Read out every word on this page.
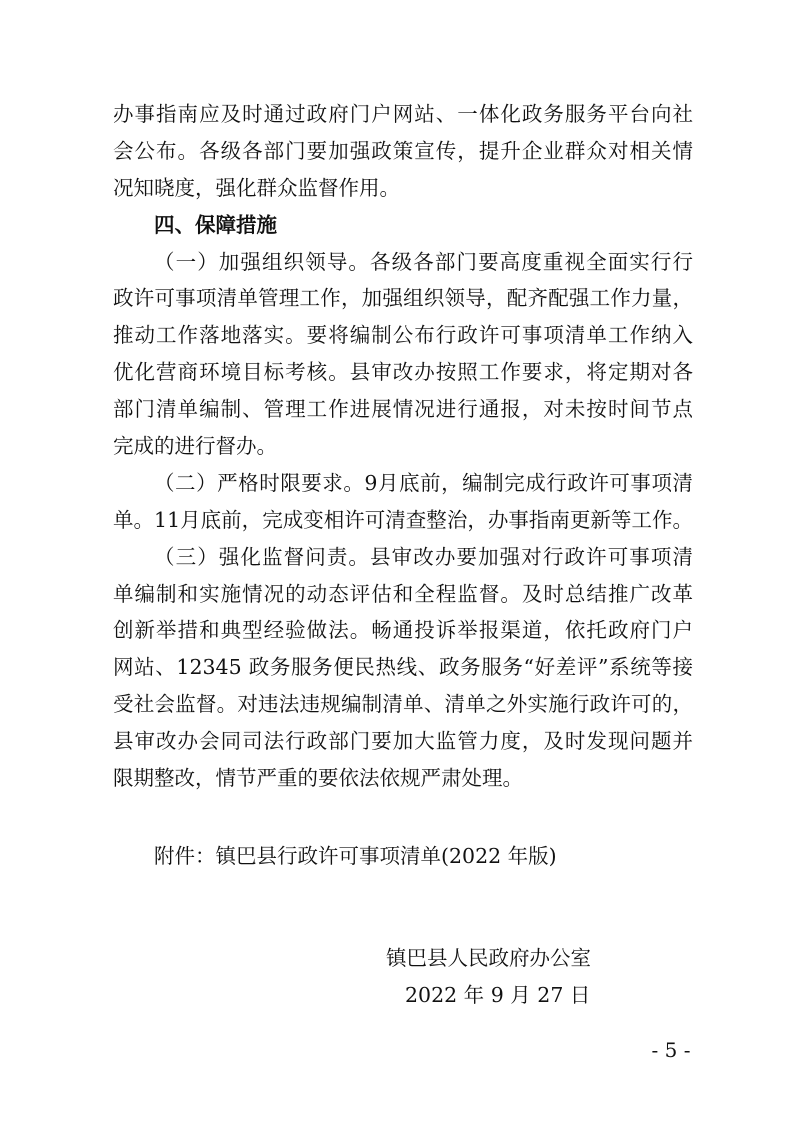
办事指南应及时通过政府门户网站、一体化政务服务平台向社
会公布。各级各部门要加强政策宣传，提升企业群众对相关情
况知晓度，强化群众监督作用。
四、保障措施
（一）加强组织领导。各级各部门要高度重视全面实行行
政许可事项清单管理工作，加强组织领导，配齐配强工作力量，
推动工作落地落实。要将编制公布行政许可事项清单工作纳入
优化营商环境目标考核。县审改办按照工作要求，将定期对各
部门清单编制、管理工作进展情况进行通报，对未按时间节点
完成的进行督办。
（二）严格时限要求。9月底前，编制完成行政许可事项清
单。11月底前，完成变相许可清查整治，办事指南更新等工作。
（三）强化监督问责。县审改办要加强对行政许可事项清
单编制和实施情况的动态评估和全程监督。及时总结推广改革
创新举措和典型经验做法。畅通投诉举报渠道，依托政府门户
网站、12345 政务服务便民热线、政务服务“好差评”系统等接
受社会监督。对违法违规编制清单、清单之外实施行政许可的，
县审改办会同司法行政部门要加大监管力度，及时发现问题并
限期整改，情节严重的要依法依规严肃处理。
附件：镇巴县行政许可事项清单(2022 年版)
镇巴县人民政府办公室
2022 年 9 月 27 日
- 5 -
